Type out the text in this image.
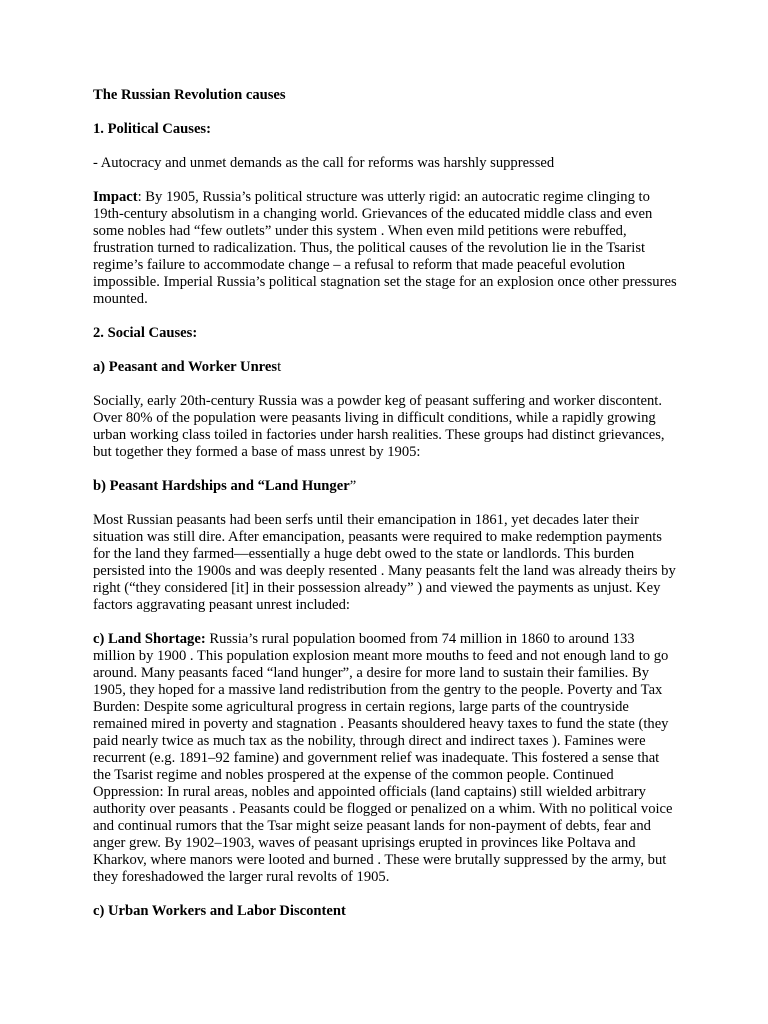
The Russian Revolution causes

1. Political Causes:

- Autocracy and unmet demands as the call for reforms was harshly suppressed

Impact: By 1905, Russia’s political structure was utterly rigid: an autocratic regime clinging to 19th-century absolutism in a changing world. Grievances of the educated middle class and even some nobles had “few outlets” under this system . When even mild petitions were rebuffed, frustration turned to radicalization. Thus, the political causes of the revolution lie in the Tsarist regime’s failure to accommodate change – a refusal to reform that made peaceful evolution impossible. Imperial Russia’s political stagnation set the stage for an explosion once other pressures mounted.

2. Social Causes:

a) Peasant and Worker Unrest

Socially, early 20th-century Russia was a powder keg of peasant suffering and worker discontent. Over 80% of the population were peasants living in difficult conditions, while a rapidly growing urban working class toiled in factories under harsh realities. These groups had distinct grievances, but together they formed a base of mass unrest by 1905:

b) Peasant Hardships and “Land Hunger”

Most Russian peasants had been serfs until their emancipation in 1861, yet decades later their situation was still dire. After emancipation, peasants were required to make redemption payments for the land they farmed—essentially a huge debt owed to the state or landlords. This burden persisted into the 1900s and was deeply resented . Many peasants felt the land was already theirs by right (“they considered [it] in their possession already” ) and viewed the payments as unjust. Key factors aggravating peasant unrest included:

c) Land Shortage: Russia’s rural population boomed from 74 million in 1860 to around 133 million by 1900 . This population explosion meant more mouths to feed and not enough land to go around. Many peasants faced “land hunger”, a desire for more land to sustain their families. By 1905, they hoped for a massive land redistribution from the gentry to the people. Poverty and Tax Burden: Despite some agricultural progress in certain regions, large parts of the countryside remained mired in poverty and stagnation . Peasants shouldered heavy taxes to fund the state (they paid nearly twice as much tax as the nobility, through direct and indirect taxes ). Famines were recurrent (e.g. 1891–92 famine) and government relief was inadequate. This fostered a sense that the Tsarist regime and nobles prospered at the expense of the common people. Continued Oppression: In rural areas, nobles and appointed officials (land captains) still wielded arbitrary authority over peasants . Peasants could be flogged or penalized on a whim. With no political voice and continual rumors that the Tsar might seize peasant lands for non-payment of debts, fear and anger grew. By 1902–1903, waves of peasant uprisings erupted in provinces like Poltava and Kharkov, where manors were looted and burned . These were brutally suppressed by the army, but they foreshadowed the larger rural revolts of 1905.

c) Urban Workers and Labor Discontent
